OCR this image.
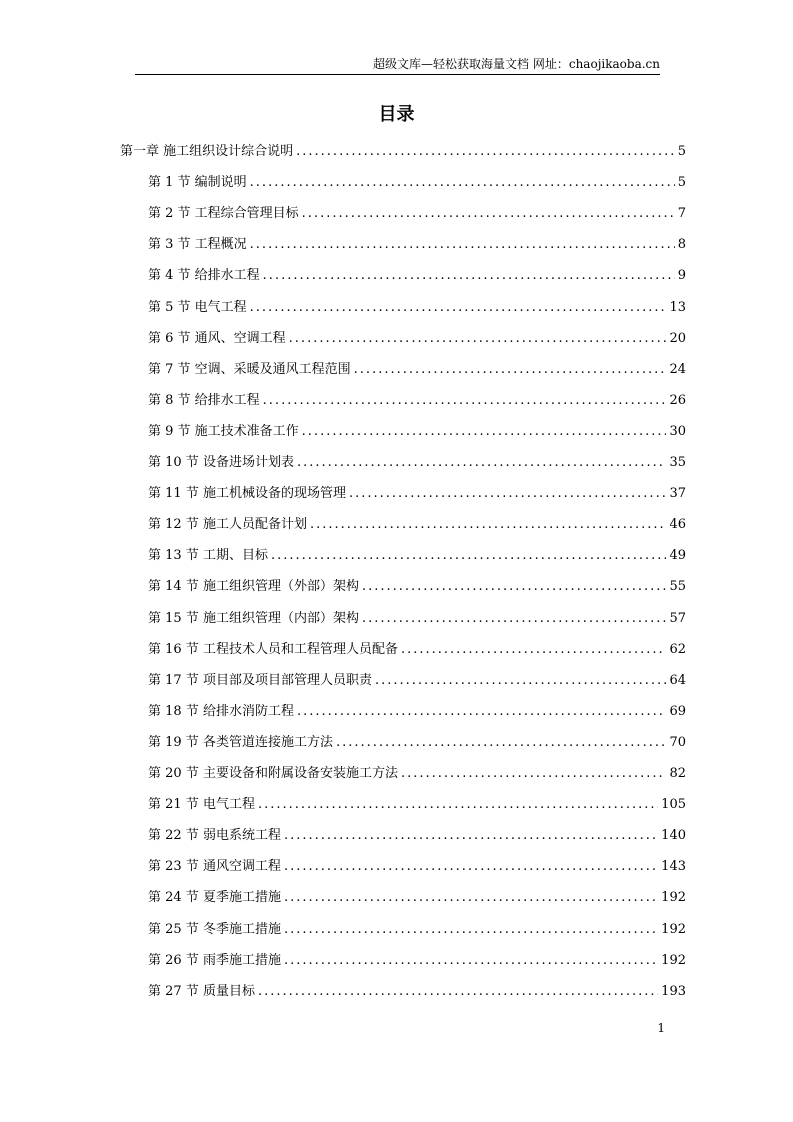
超级文库—轻松获取海量文档 网址：chaojikaoba.cn
目录
第一章 施工组织设计综合说明 .....	5
第 1 节 编制说明 .....	5
第 2 节 工程综合管理目标 .....	7
第 3 节 工程概况 .....	8
第 4 节 给排水工程 .....	9
第 5 节 电气工程 .....	13
第 6 节 通风、空调工程 .....	20
第 7 节 空调、采暖及通风工程范围 .....	24
第 8 节 给排水工程 .....	26
第 9 节 施工技术准备工作 .....	30
第 10 节 设备进场计划表 .....	35
第 11 节 施工机械设备的现场管理 .....	37
第 12 节 施工人员配备计划 .....	46
第 13 节 工期、目标 .....	49
第 14 节 施工组织管理（外部）架构 .....	55
第 15 节 施工组织管理（内部）架构 .....	57
第 16 节 工程技术人员和工程管理人员配备 .....	62
第 17 节 项目部及项目部管理人员职责 .....	64
第 18 节 给排水消防工程 .....	69
第 19 节 各类管道连接施工方法 .....	70
第 20 节 主要设备和附属设备安装施工方法 .....	82
第 21 节 电气工程 .....	105
第 22 节 弱电系统工程 .....	140
第 23 节 通风空调工程 .....	143
第 24 节 夏季施工措施 .....	192
第 25 节 冬季施工措施 .....	192
第 26 节 雨季施工措施 .....	192
第 27 节 质量目标 .....	193
1
